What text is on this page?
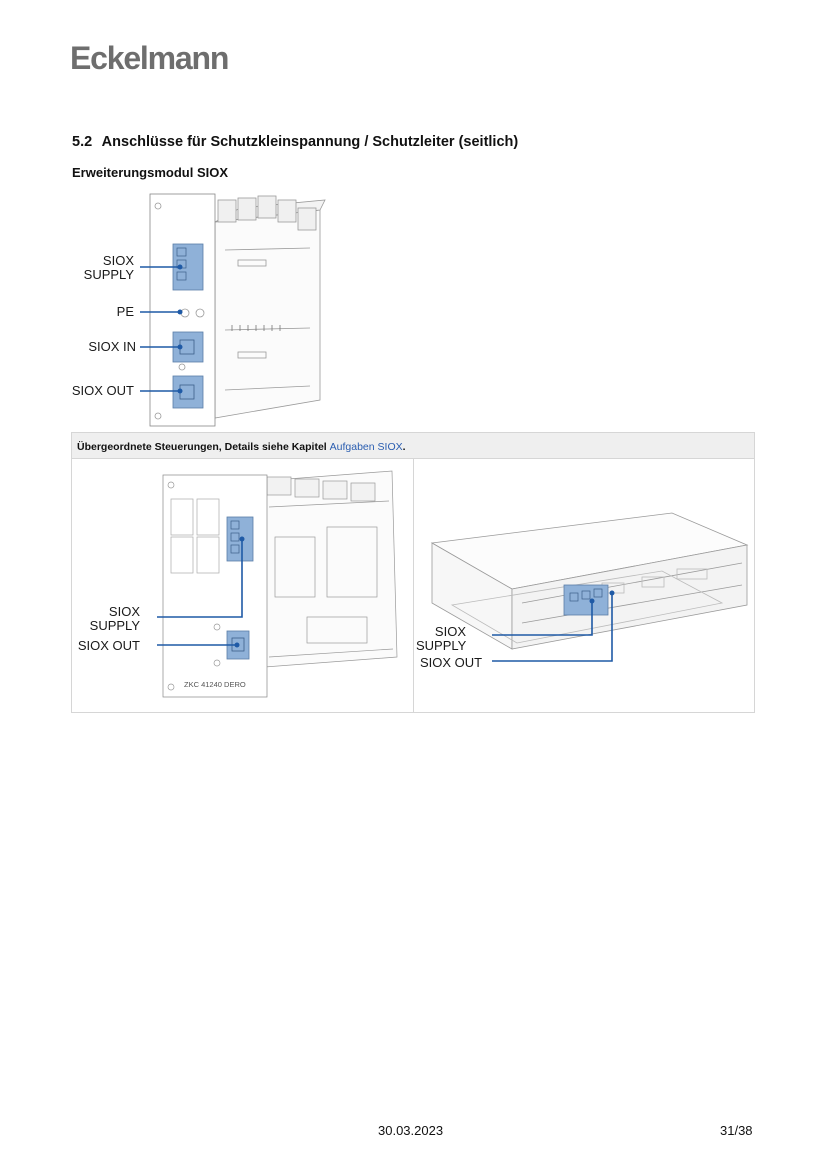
Eckelmann
5.2 Anschlüsse für Schutzkleinspannung / Schutzleiter (seitlich)
Erweiterungsmodul SIOX
SIOX
SUPPLY
PE
SIOX IN
SIOX OUT
Übergeordnete Steuerungen, Details siehe Kapitel Aufgaben SIOX.
SIOX
SUPPLY
SIOX OUT
ZKC 41240 DERO
SIOX
SUPPLY
SIOX OUT
30.03.2023	31/38
